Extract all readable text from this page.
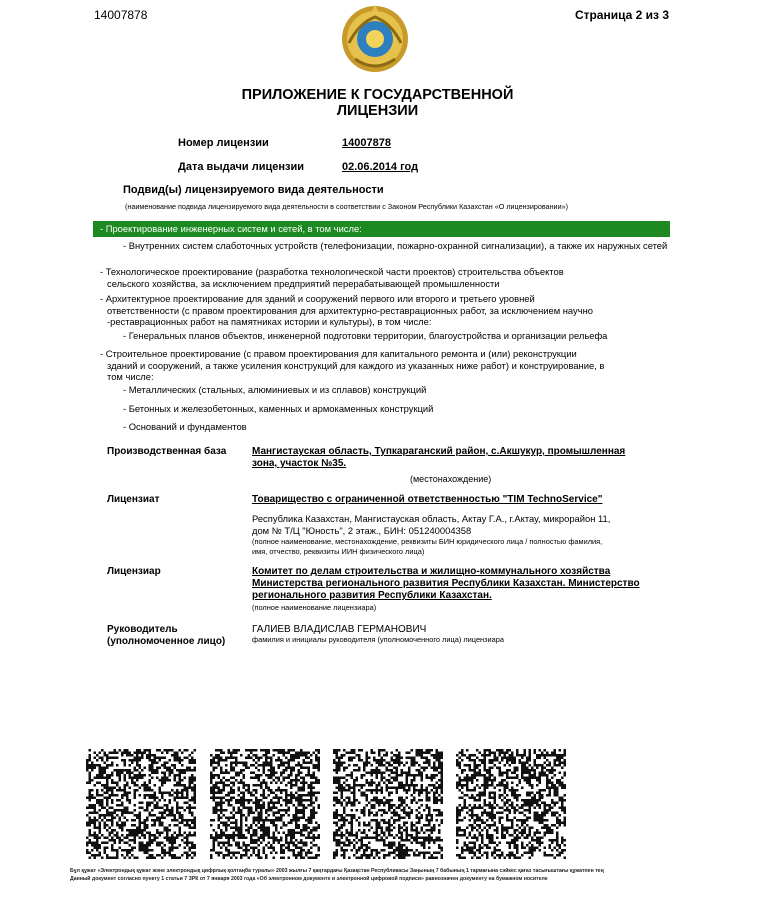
14007878	Страница 2 из 3
ПРИЛОЖЕНИЕ К ГОСУДАРСТВЕННОЙ
ЛИЦЕНЗИИ
Номер лицензии	14007878
Дата выдачи лицензии	02.06.2014 год
Подвид(ы) лицензируемого вида деятельности
(наименование подвида лицензируемого вида деятельности в соответствии с Законом Республики Казахстан «О лицензировании»)
- Проектирование инженерных систем и сетей, в том числе:
- Внутренних систем слаботочных устройств (телефонизации, пожарно-охранной сигнализации), а также их наружных сетей
- Технологическое проектирование (разработка технологической части проектов) строительства объектов
сельского хозяйства, за исключением предприятий перерабатывающей промышленности
- Архитектурное проектирование для зданий и сооружений первого или второго и третьего уровней
ответственности (с правом проектирования для архитектурно-реставрационных работ, за исключением научно
-реставрационных работ на памятниках истории и культуры), в том числе:
- Генеральных планов объектов, инженерной подготовки территории, благоустройства и организации рельефа
- Строительное проектирование (с правом проектирования для капитального ремонта и (или) реконструкции
зданий и сооружений, а также усиления конструкций для каждого из указанных ниже работ) и конструирование, в
том числе:
- Металлических (стальных, алюминиевых и из сплавов) конструкций
- Бетонных и железобетонных, каменных и армокаменных конструкций
- Оснований и фундаментов
Производственная база	Мангистауская область, Тупкараганский район, с.Акшукур, промышленная
зона, участок №35.
(местонахождение)
Лицензиат	Товарищество с ограниченной ответственностью "TIM TechnoService"
Республика Казахстан, Мангистауская область, Актау Г.А., г.Актау, микрорайон 11,
дом № Т/Ц "Юность", 2 этаж., БИН: 051240004358
(полное наименование, местонахождение, реквизиты БИН юридического лица / полностью фамилия,
имя, отчество, реквизиты ИИН физического лица)
Лицензиар	Комитет по делам строительства и жилищно-коммунального хозяйства
Министерства регионального развития Республики Казахстан. Министерство
регионального развития Республики Казахстан.
(полное наименование лицензиара)
Руководитель
(уполномоченное лицо)
ГАЛИЕВ ВЛАДИСЛАВ ГЕРМАНОВИЧ
фамилия и инициалы руководителя (уполномоченного лица) лицензиара
Бұл құжат «Электрондық құжат және электрондық цифрлық қолтаңба туралы» 2003 жылғы 7 қаңтардағы Қазақстан Республикасы Заңының 7 бабының 1 тармағына сәйкес қағаз тасығыштағы құжатпен тең
Данный документ согласно пункту 1 статьи 7 ЗРК от 7 января 2003 года «Об электронном документе и электронной цифровой подписи» равнозначен документу на бумажном носителе
